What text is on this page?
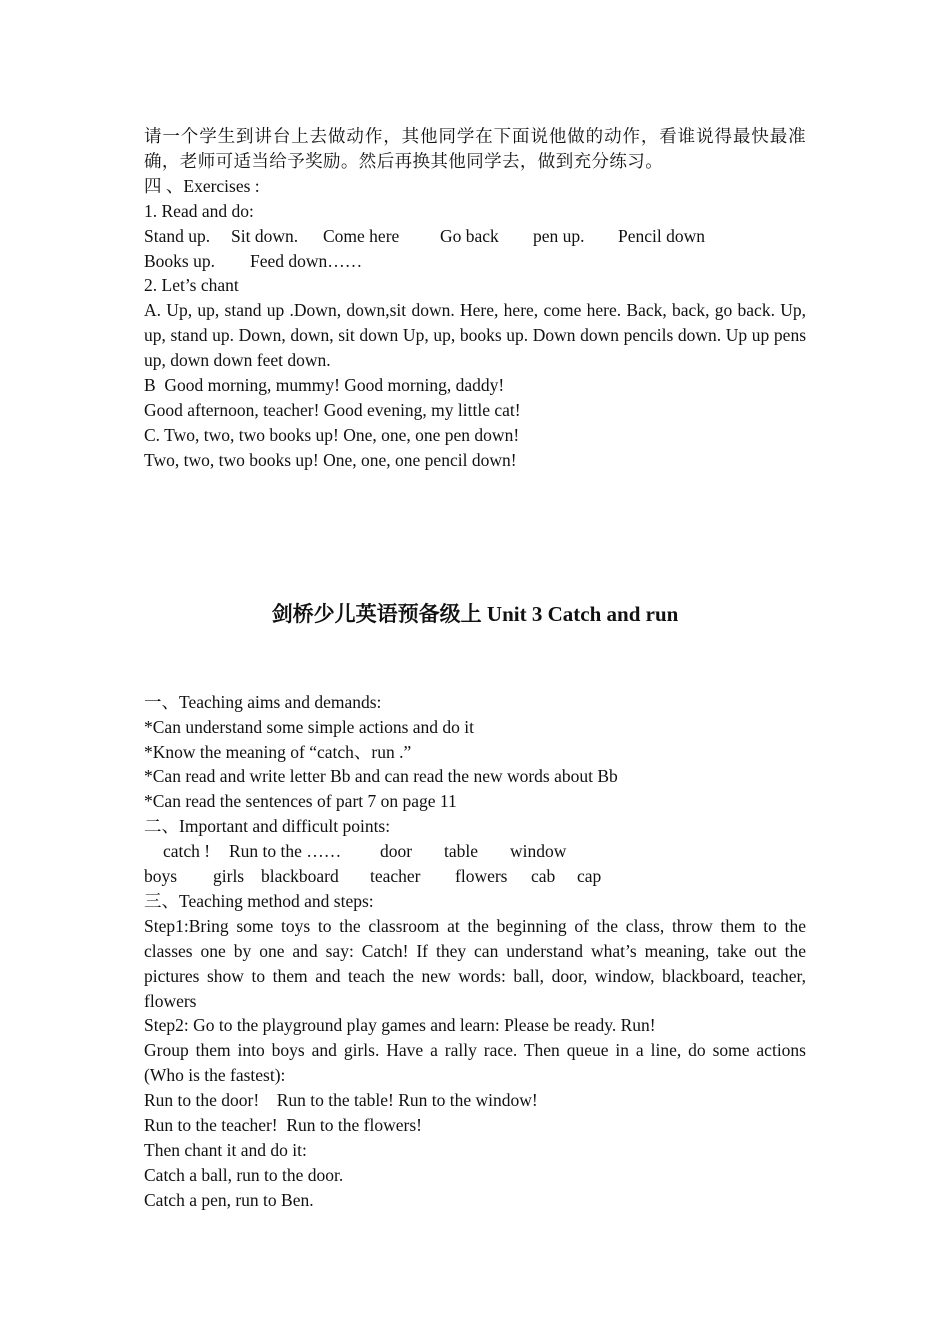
请一个学生到讲台上去做动作，其他同学在下面说他做的动作，看谁说得最快最准确，老师可适当给予奖励。然后再换其他同学去，做到充分练习。
四 、Exercises :
1. Read and do:
Stand up. Sit down. Come here Go back pen up. Pencil down
Books up. Feed down……
2. Let’s chant
A. Up, up, stand up .Down, down,sit down. Here, here, come here. Back, back, go back. Up, up, stand up. Down, down, sit down Up, up, books up. Down down pencils down. Up up pens up, down down feet down.
B  Good morning, mummy! Good morning, daddy!
Good afternoon, teacher! Good evening, my little cat!
C. Two, two, two books up! One, one, one pen down!
Two, two, two books up! One, one, one pencil down!
剑桥少儿英语预备级上 Unit 3 Catch and run
一、Teaching aims and demands:
*Can understand some simple actions and do it
*Know the meaning of “catch、run .”
*Can read and write letter Bb and can read the new words about Bb
*Can read the sentences of part 7 on page 11
二、Important and difficult points:
catch ! Run to the …… door table window
boys girls blackboard teacher flowers cab cap
三、Teaching method and steps:
Step1:Bring some toys to the classroom at the beginning of the class, throw them to the classes one by one and say: Catch! If they can understand what’s meaning, take out the pictures show to them and teach the new words: ball, door, window, blackboard, teacher, flowers
Step2: Go to the playground play games and learn: Please be ready. Run!
Group them into boys and girls. Have a rally race. Then queue in a line, do some actions (Who is the fastest):
Run to the door!    Run to the table! Run to the window!
Run to the teacher!  Run to the flowers!
Then chant it and do it:
Catch a ball, run to the door.
Catch a pen, run to Ben.
